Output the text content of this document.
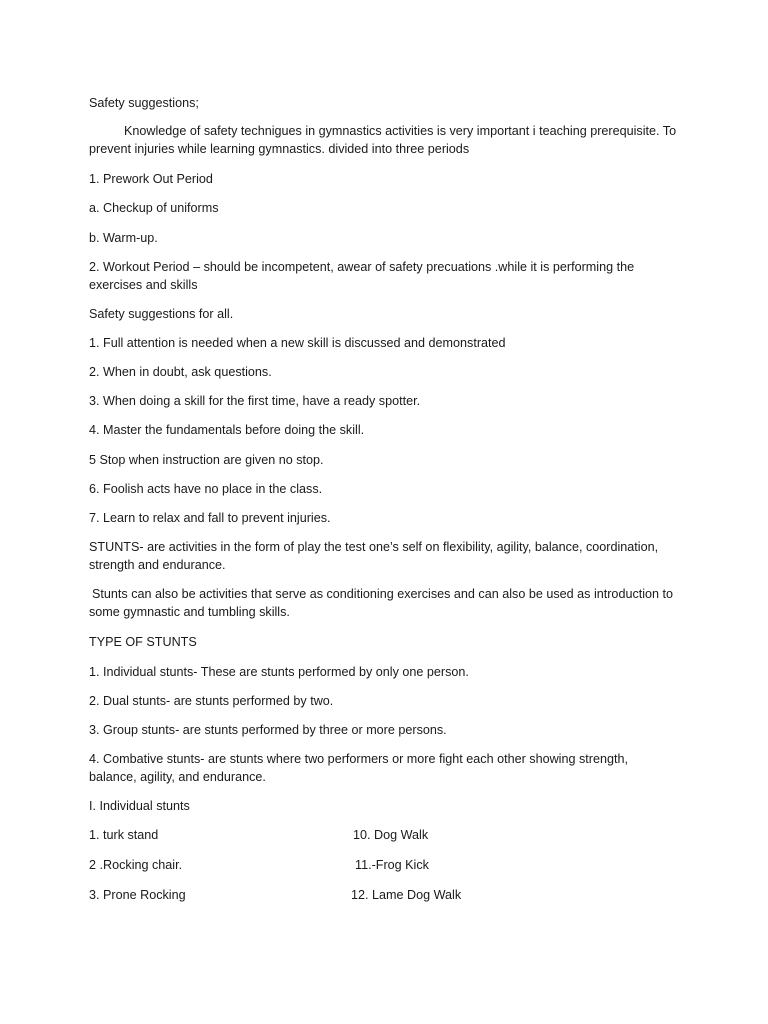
Safety suggestions;

Knowledge of safety technigues in gymnastics activities is very important i teaching prerequisite. To prevent injuries while learning gymnastics. divided into three periods

1. Prework Out Period

a. Checkup of uniforms

b. Warm-up.

2. Workout Period – should be incompetent, awear of safety precuations .while it is performing the exercises and skills

Safety suggestions for all.

1. Full attention is needed when a new skill is discussed and demonstrated

2. When in doubt, ask questions.

3. When doing a skill for the first time, have a ready spotter.

4. Master the fundamentals before doing the skill.

5 Stop when instruction are given no stop.

6. Foolish acts have no place in the class.

7. Learn to relax and fall to prevent injuries.

STUNTS- are activities in the form of play the test one’s self on flexibility, agility, balance, coordination, strength and endurance.

Stunts can also be activities that serve as conditioning exercises and can also be used as introduction to some gymnastic and tumbling skills.

TYPE OF STUNTS

1. Individual stunts- These are stunts performed by only one person.

2. Dual stunts- are stunts performed by two.

3. Group stunts- are stunts performed by three or more persons.

4. Combative stunts- are stunts where two performers or more fight each other showing strength, balance, agility, and endurance.

I. Individual stunts

1. turk stand	10. Dog Walk
2 .Rocking chair.	11.-Frog Kick
3. Prone Rocking	12. Lame Dog Walk
